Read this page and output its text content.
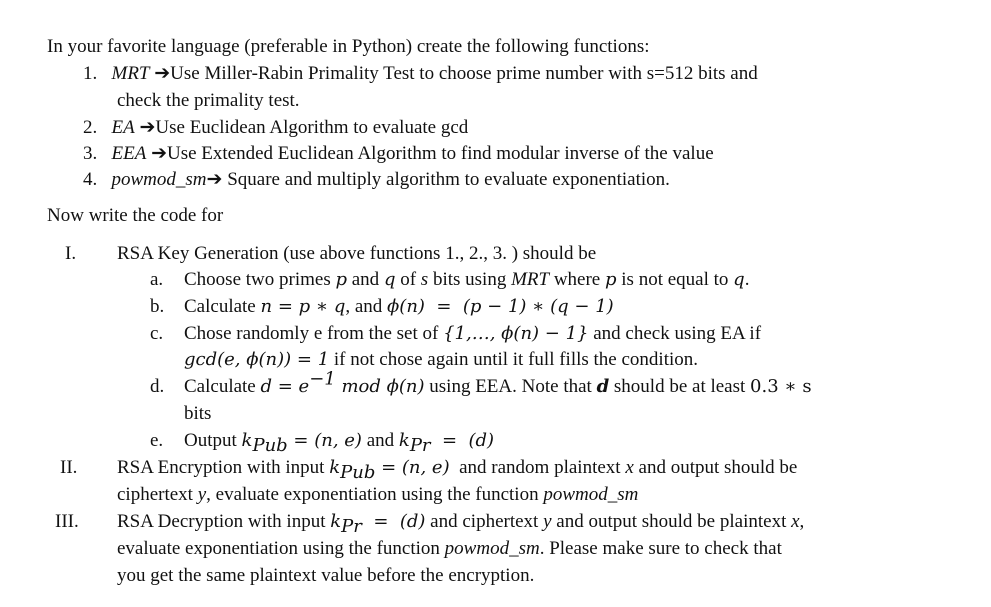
In your favorite language (preferable in Python) create the following functions:
1. MRT ➔Use Miller-Rabin Primality Test to choose prime number with s=512 bits and
check the primality test.
2. EA ➔Use Euclidean Algorithm to evaluate gcd
3. EEA ➔Use Extended Euclidean Algorithm to find modular inverse of the value
4. powmod_sm➔ Square and multiply algorithm to evaluate exponentiation.
Now write the code for
I. RSA Key Generation (use above functions 1., 2., 3. ) should be
a. Choose two primes p and q of s bits using MRT where p is not equal to q.
b. Calculate n = p ∗ q, and ϕ(n)  =  (p − 1) ∗ (q − 1)
c. Chose randomly e from the set of {1,…, ϕ(n) − 1} and check using EA if
gcd(e, ϕ(n)) = 1 if not chose again until it full fills the condition.
d. Calculate $d = e^{-1}$ mod ϕ(n) using EEA. Note that d should be at least 0.3 ∗ s
bits
e. Output $k_{Pub} = (n$, e) and $k_{Pr} = (d)$
II. RSA Encryption with input $k_{Pub} = (n$, e)  and random plaintext x and output should be
ciphertext y, evaluate exponentiation using the function powmod_sm
III. RSA Decryption with input $k_{Pr} = (d)$ and ciphertext y and output should be plaintext x,
evaluate exponentiation using the function powmod_sm. Please make sure to check that
you get the same plaintext value before the encryption.
